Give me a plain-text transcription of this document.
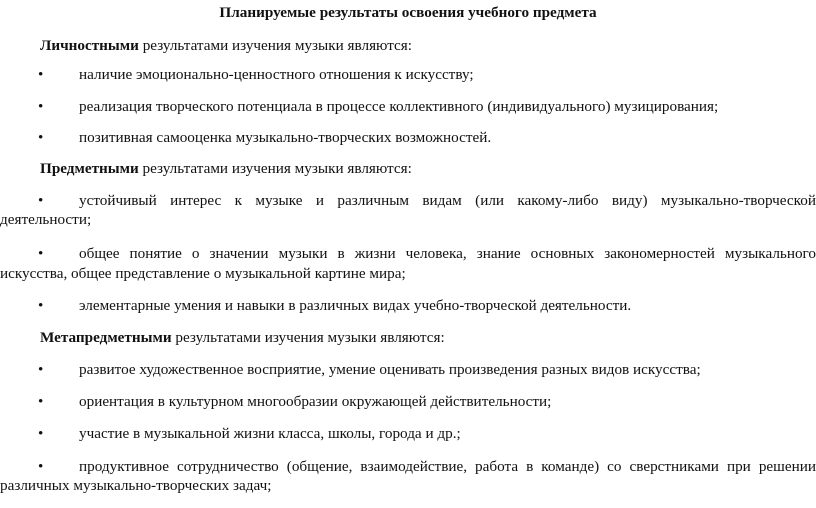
Планируемые результаты освоения учебного предмета
Личностными результатами изучения музыки являются:
• наличие эмоционально-ценностного отношения к искусству;
• реализация творческого потенциала в процессе коллективного (индивидуального) музицирования;
• позитивная самооценка музыкально-творческих возможностей.
Предметными результатами изучения музыки являются:
• устойчивый интерес к музыке и различным видам (или какому-либо виду) музыкально-творческой
деятельности;
• общее понятие о значении музыки в жизни человека, знание основных закономерностей музыкального
искусства, общее представление о музыкальной картине мира;
• элементарные умения и навыки в различных видах учебно-творческой деятельности.
Метапредметными результатами изучения музыки являются:
• развитое художественное восприятие, умение оценивать произведения разных видов искусства;
• ориентация в культурном многообразии окружающей действительности;
• участие в музыкальной жизни класса, школы, города и др.;
• продуктивное сотрудничество (общение, взаимодействие, работа в команде) со сверстниками при решении
различных музыкально-творческих задач;
